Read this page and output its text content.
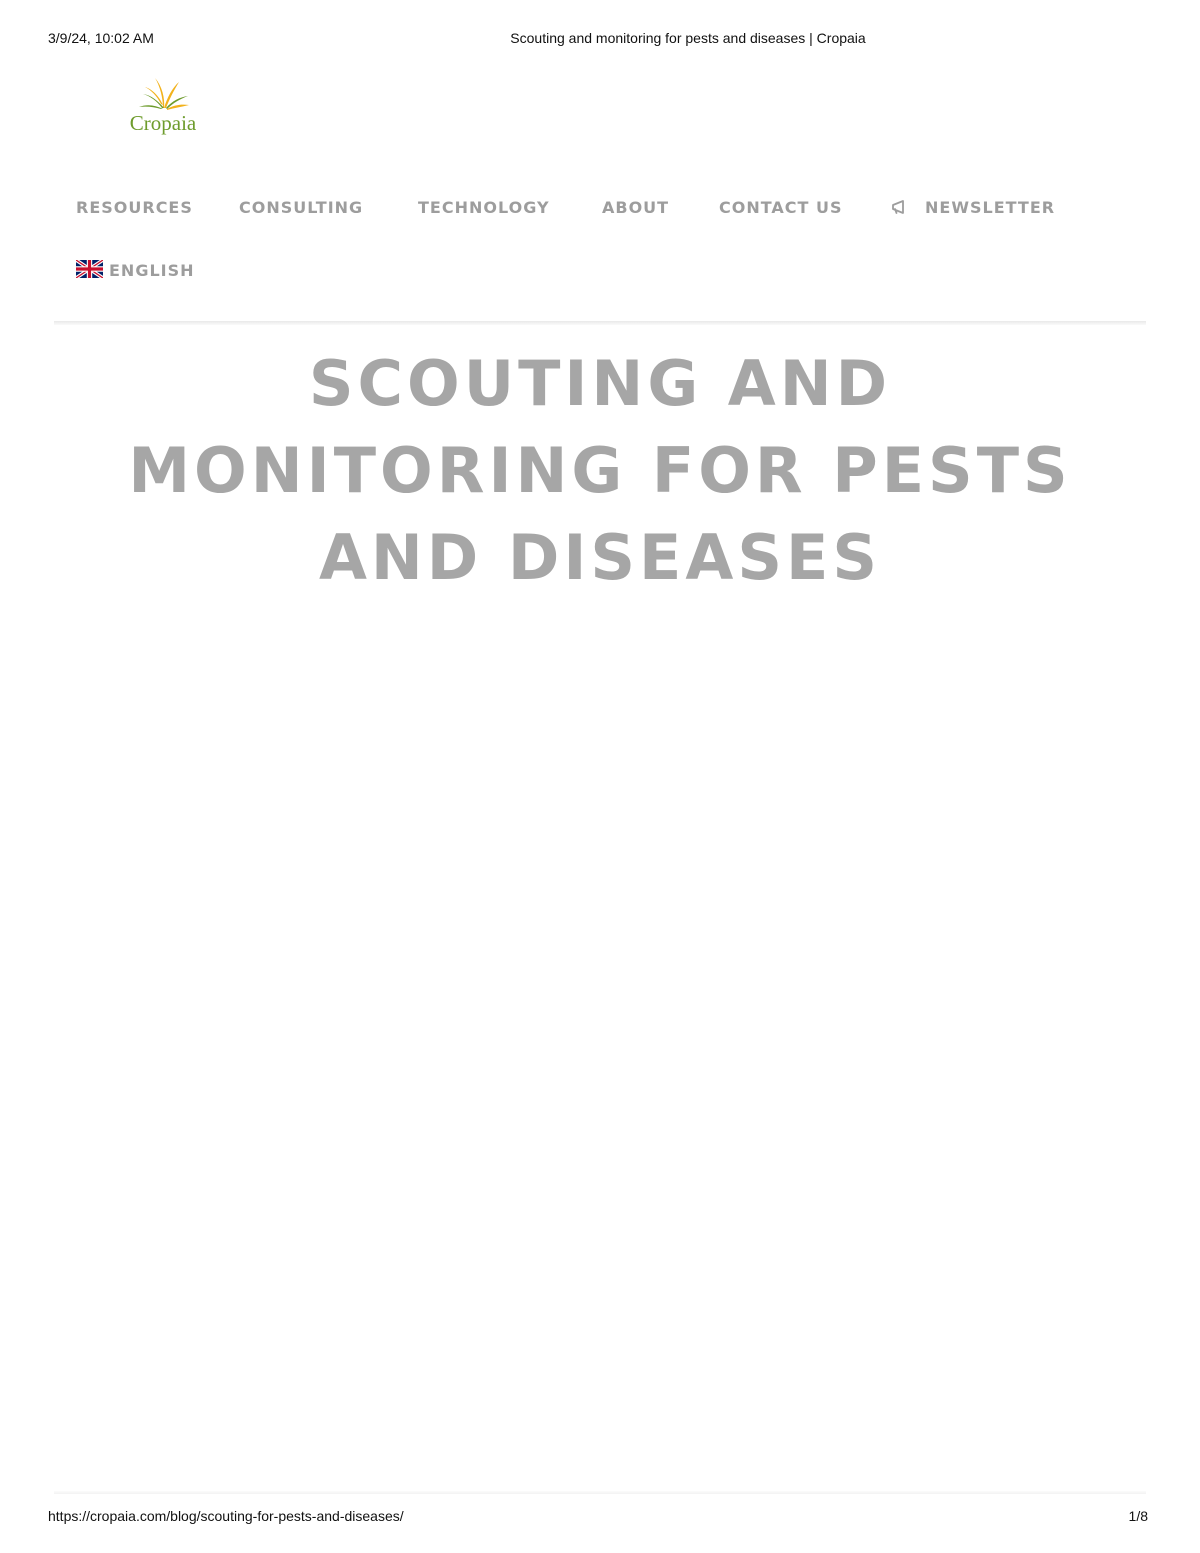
3/9/24, 10:02 AM	Scouting and monitoring for pests and diseases | Cropaia
Cropaia
RESOURCES	CONSULTING	TECHNOLOGY	ABOUT	CONTACT US	NEWSLETTER
ENGLISH
SCOUTING AND
MONITORING FOR PESTS
AND DISEASES
https://cropaia.com/blog/scouting-for-pests-and-diseases/	1/8
